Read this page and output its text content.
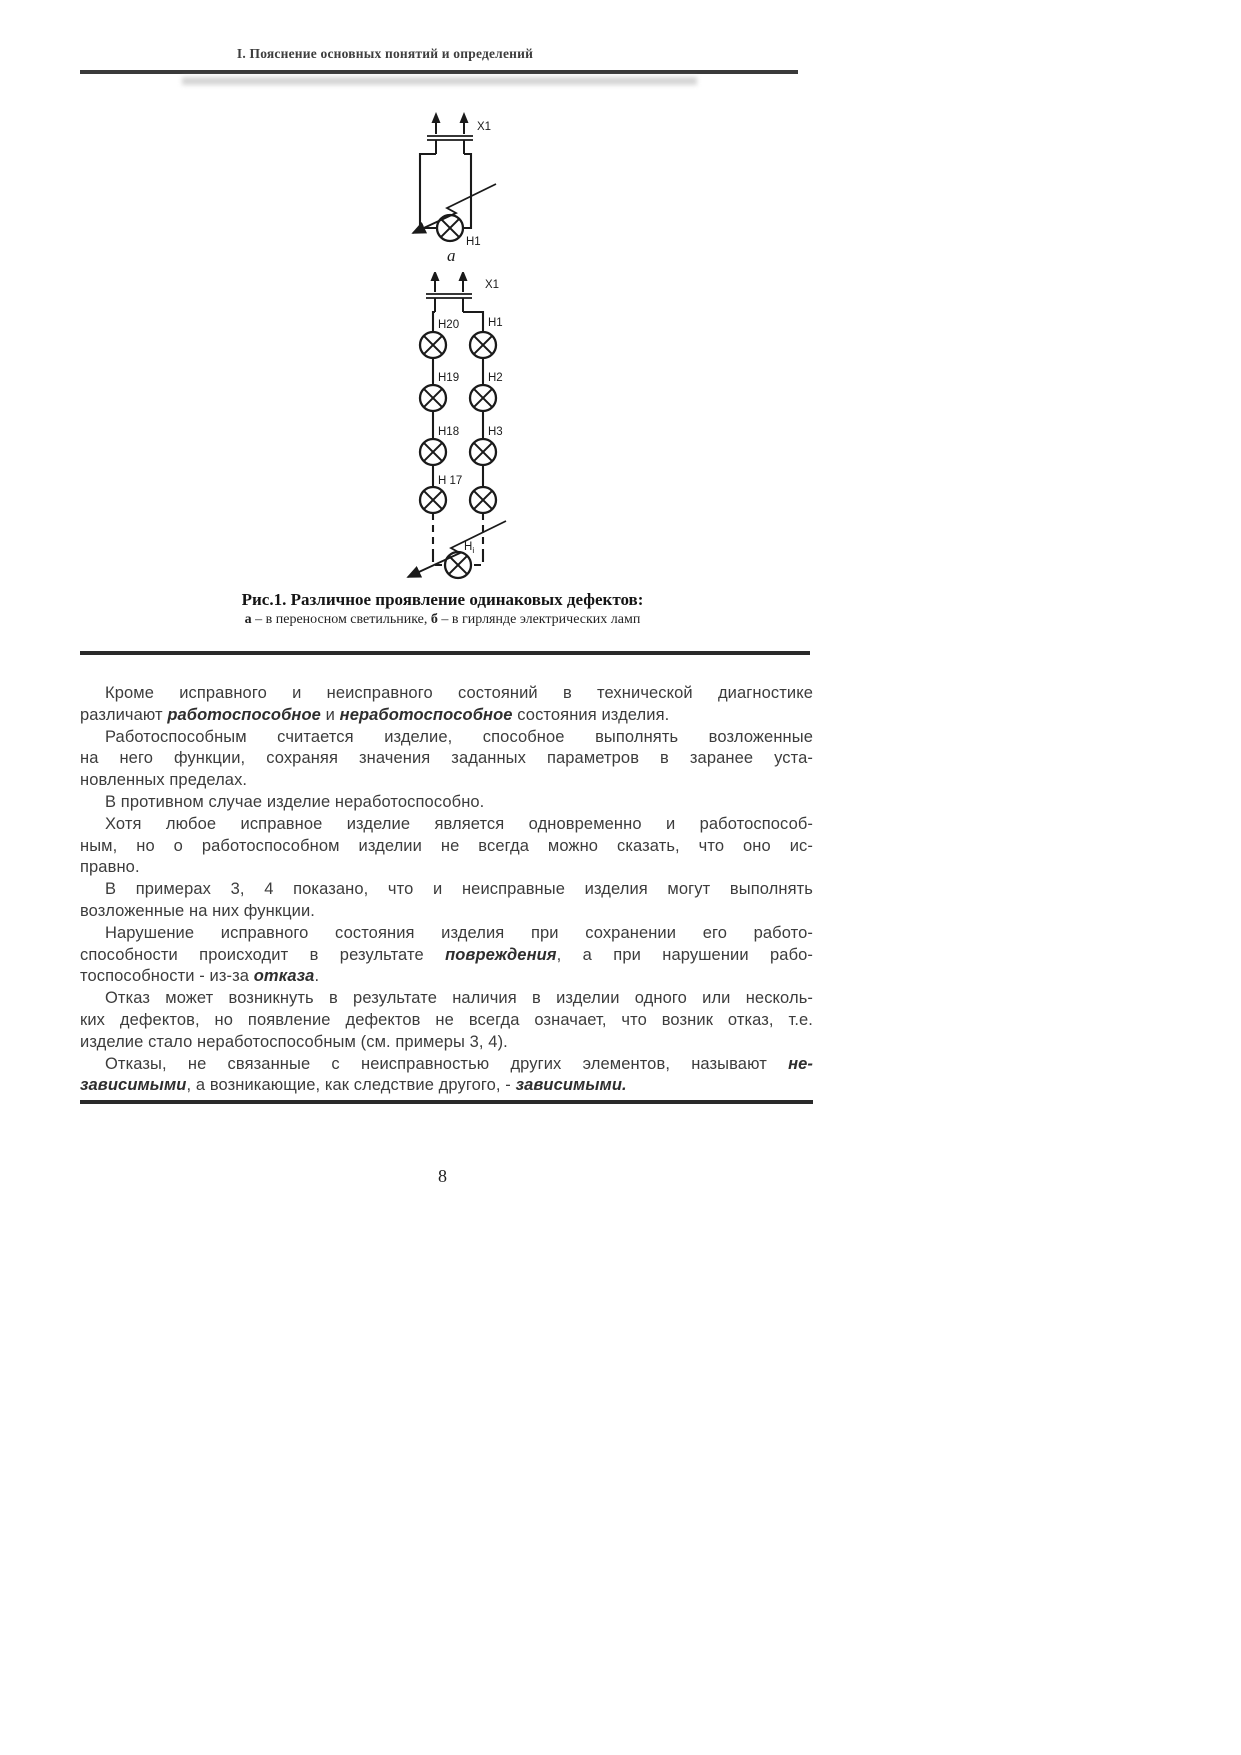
I. Пояснение основных понятий и определений
X1
H1
а
X1
H20
H19
H18
H 17
H1
H2
H3
Hi
Рис.1. Различное проявление одинаковых дефектов:
а – в переносном светильнике, б – в гирлянде электрических ламп
Кроме исправного и неисправного состояний в технической диагностике
различают работоспособное и неработоспособное состояния изделия.
Работоспособным считается изделие, способное выполнять возложенные
на него функции, сохраняя значения заданных параметров в заранее уста-
новленных пределах.
В противном случае изделие неработоспособно.
Хотя любое исправное изделие является одновременно и работоспособ-
ным, но о работоспособном изделии не всегда можно сказать, что оно ис-
правно.
В примерах 3, 4 показано, что и неисправные изделия могут выполнять
возложенные на них функции.
Нарушение исправного состояния изделия при сохранении его работо-
способности происходит в результате повреждения, а при нарушении рабо-
тоспособности - из-за отказа.
Отказ может возникнуть в результате наличия в изделии одного или несколь-
ких дефектов, но появление дефектов не всегда означает, что возник отказ, т.е.
изделие стало неработоспособным (см. примеры 3, 4).
Отказы, не связанные с неисправностью других элементов, называют не-
зависимыми, а возникающие, как следствие другого, - зависимыми.
8
